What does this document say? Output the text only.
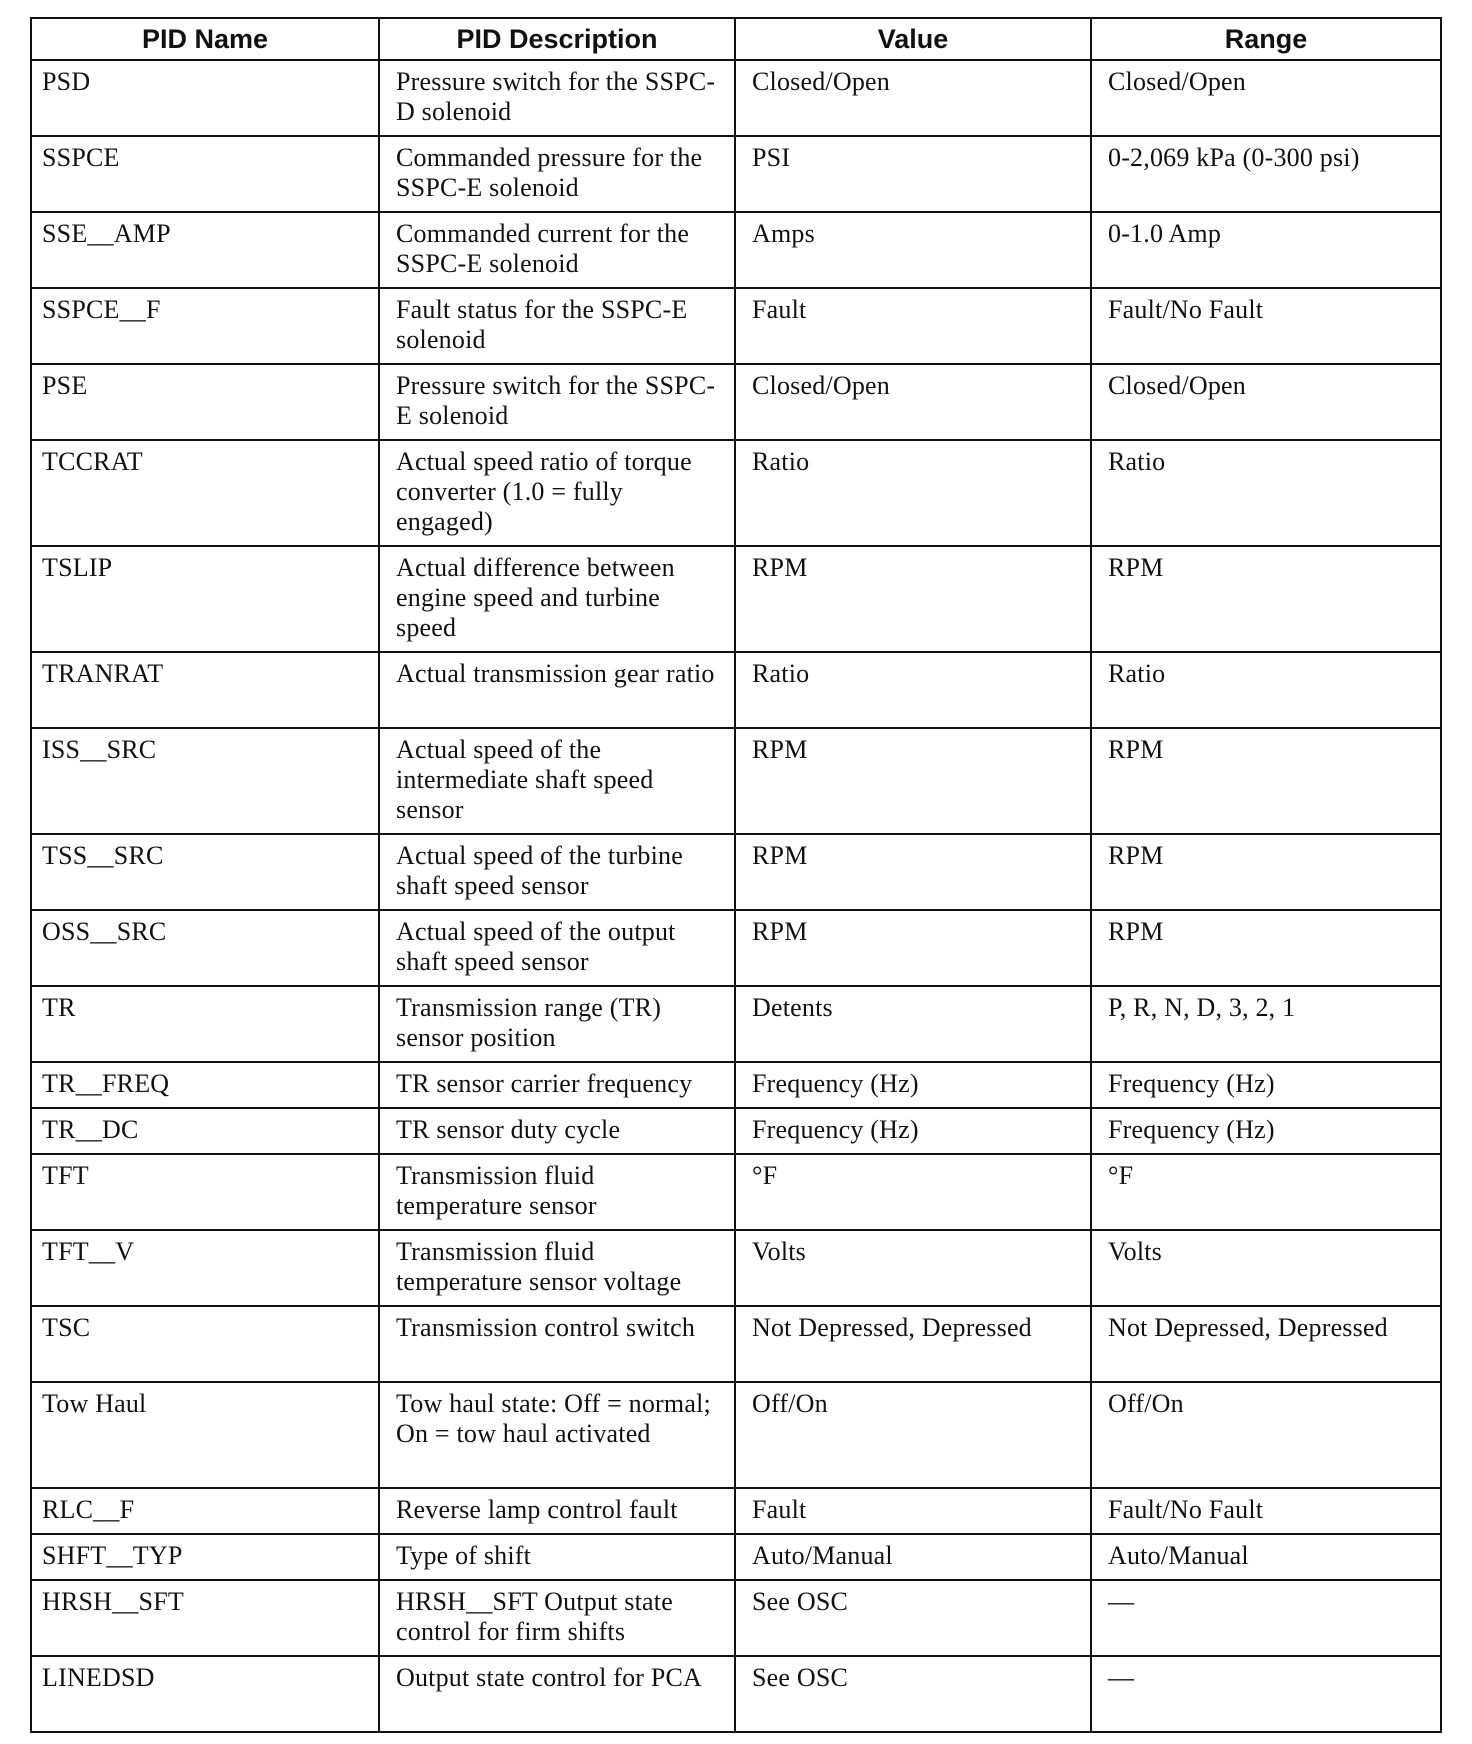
PID Name	PID Description	Value	Range
PSD	Pressure switch for the SSPC-D solenoid	Closed/Open	Closed/Open
SSPCE	Commanded pressure for the SSPC-E solenoid	PSI	0-2,069 kPa (0-300 psi)
SSE__AMP	Commanded current for the SSPC-E solenoid	Amps	0-1.0 Amp
SSPCE__F	Fault status for the SSPC-E solenoid	Fault	Fault/No Fault
PSE	Pressure switch for the SSPC-E solenoid	Closed/Open	Closed/Open
TCCRAT	Actual speed ratio of torque converter (1.0 = fully engaged)	Ratio	Ratio
TSLIP	Actual difference between engine speed and turbine speed	RPM	RPM
TRANRAT	Actual transmission gear ratio	Ratio	Ratio
ISS__SRC	Actual speed of the intermediate shaft speed sensor	RPM	RPM
TSS__SRC	Actual speed of the turbine shaft speed sensor	RPM	RPM
OSS__SRC	Actual speed of the output shaft speed sensor	RPM	RPM
TR	Transmission range (TR) sensor position	Detents	P, R, N, D, 3, 2, 1
TR__FREQ	TR sensor carrier frequency	Frequency (Hz)	Frequency (Hz)
TR__DC	TR sensor duty cycle	Frequency (Hz)	Frequency (Hz)
TFT	Transmission fluid temperature sensor	°F	°F
TFT__V	Transmission fluid temperature sensor voltage	Volts	Volts
TSC	Transmission control switch	Not Depressed, Depressed	Not Depressed, Depressed
Tow Haul	Tow haul state: Off = normal; On = tow haul activated	Off/On	Off/On
RLC__F	Reverse lamp control fault	Fault	Fault/No Fault
SHFT__TYP	Type of shift	Auto/Manual	Auto/Manual
HRSH__SFT	HRSH__SFT Output state control for firm shifts	See OSC	—
LINEDSD	Output state control for PCA	See OSC	—
